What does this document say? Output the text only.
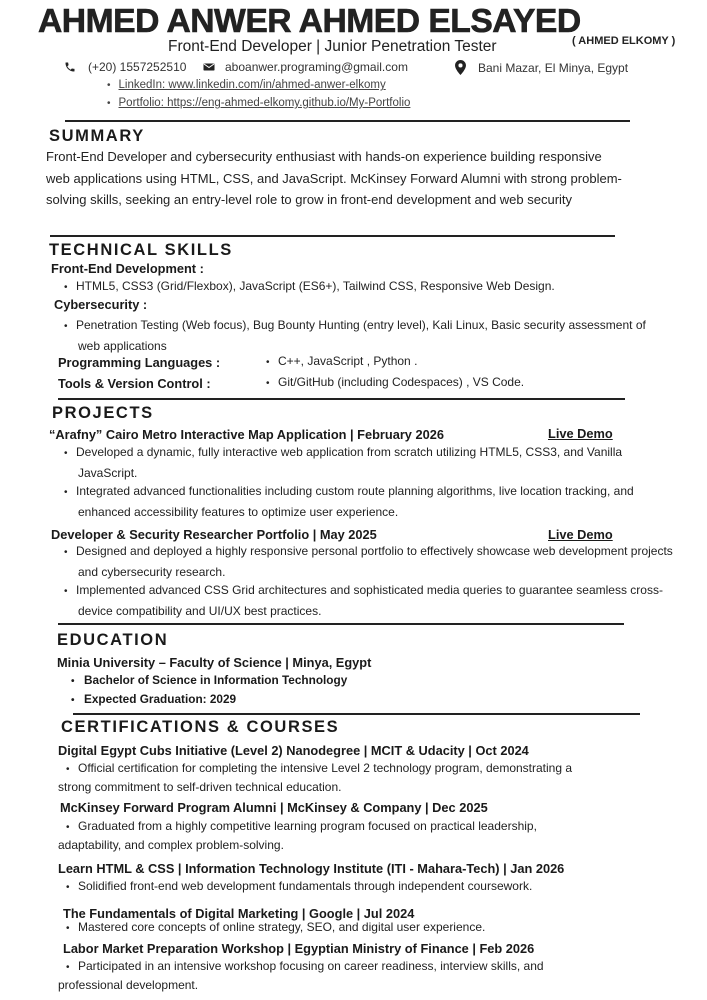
AHMED ANWER AHMED ELSAYED
Front-End Developer | Junior Penetration Tester	( AHMED ELKOMY )
(+20) 1557252510	aboanwer.programing@gmail.com	Bani Mazar, El Minya, Egypt
• LinkedIn: www.linkedin.com/in/ahmed-anwer-elkomy
• Portfolio: https://eng-ahmed-elkomy.github.io/My-Portfolio
SUMMARY
Front-End Developer and cybersecurity enthusiast with hands-on experience building responsive web applications using HTML, CSS, and JavaScript. McKinsey Forward Alumni with strong problem-solving skills, seeking an entry-level role to grow in front-end development and web security
TECHNICAL SKILLS
Front-End Development :
• HTML5, CSS3 (Grid/Flexbox), JavaScript (ES6+), Tailwind CSS, Responsive Web Design.
Cybersecurity :
• Penetration Testing (Web focus), Bug Bounty Hunting (entry level), Kali Linux, Basic security assessment of web applications
Programming Languages :	• C++, JavaScript , Python .
Tools & Version Control :	• Git/GitHub (including Codespaces) , VS Code.
PROJECTS
“Arafny” Cairo Metro Interactive Map Application | February 2026	Live Demo
• Developed a dynamic, fully interactive web application from scratch utilizing HTML5, CSS3, and Vanilla JavaScript.
• Integrated advanced functionalities including custom route planning algorithms, live location tracking, and enhanced accessibility features to optimize user experience.
Developer & Security Researcher Portfolio | May 2025	Live Demo
• Designed and deployed a highly responsive personal portfolio to effectively showcase web development projects and cybersecurity research.
• Implemented advanced CSS Grid architectures and sophisticated media queries to guarantee seamless cross-device compatibility and UI/UX best practices.
EDUCATION
Minia University – Faculty of Science | Minya, Egypt
• Bachelor of Science in Information Technology
• Expected Graduation: 2029
CERTIFICATIONS & COURSES
Digital Egypt Cubs Initiative (Level 2) Nanodegree | MCIT & Udacity | Oct 2024
• Official certification for completing the intensive Level 2 technology program, demonstrating a
strong commitment to self-driven technical education.
McKinsey Forward Program Alumni | McKinsey & Company | Dec 2025
• Graduated from a highly competitive learning program focused on practical leadership,
adaptability, and complex problem-solving.
Learn HTML & CSS | Information Technology Institute (ITI - Mahara-Tech) | Jan 2026
• Solidified front-end web development fundamentals through independent coursework.
The Fundamentals of Digital Marketing | Google | Jul 2024
• Mastered core concepts of online strategy, SEO, and digital user experience.
Labor Market Preparation Workshop | Egyptian Ministry of Finance | Feb 2026
• Participated in an intensive workshop focusing on career readiness, interview skills, and
professional development.
